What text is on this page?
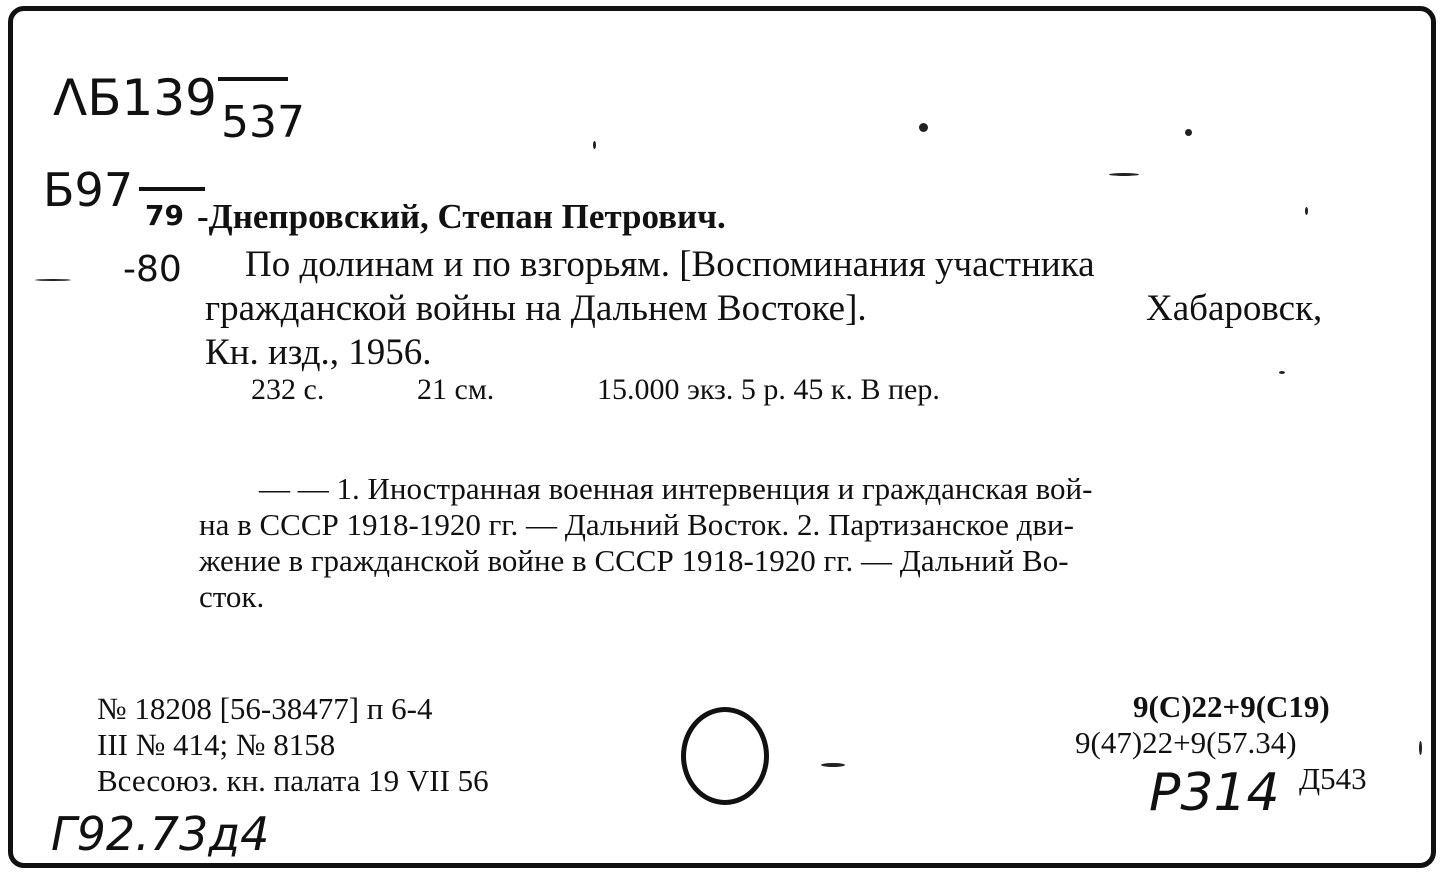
ΛБ139 537
Б97 79
-80
-Днепровский, Степан Петрович.
По долинам и по взгорьям. [Воспоминания участника
гражданской войны на Дальнем Востоке].	Хабаровск,
Кн. изд., 1956.
232 с.	21 см.	15.000 экз. 5 р. 45 к. В пер.
— — 1. Иностранная военная интервенция и гражданская вой-
на в СССР 1918-1920 гг. — Дальний Восток. 2. Партизанское дви-
жение в гражданской войне в СССР 1918-1920 гг. — Дальний Во-
сток.
№ 18208 [56-38477] п 6-4
III № 414; № 8158
Всесоюз. кн. палата 19 VII 56
9(С)22+9(С19)
9(47)22+9(57.34)
Д543
Г92.73д4
Р314
